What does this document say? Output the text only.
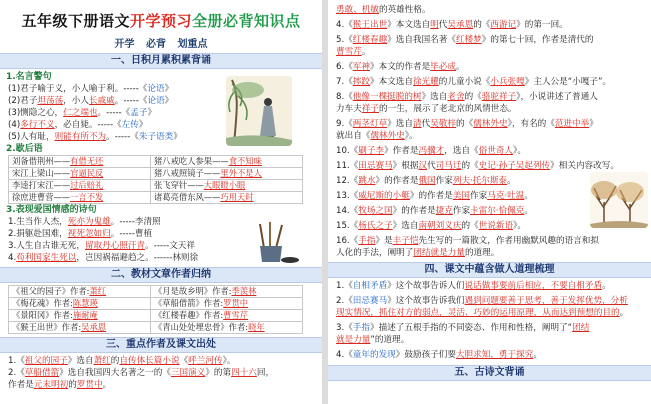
五年级下册语文开学预习全册必背知识点
开学 必背 划重点
一、日积月累积累背诵
1.名言警句
(1)君子喻于义，小人喻于利。-----《论语》
(2)君子坦荡荡，小人长戚戚。-----《论语》
(3)恻隐之心，仁之端也。-----《孟子》
(4)多行不义，必自毙。-----《左传》
(5)人有耻，则能有所不为。-----《朱子语类》
2.歇后语
刘备借荆州——有借无还	猪八戒吃人参果——食不知味
宋江上梁山——官逼民反	猪八戒照镜子——里外不是人
李逵打宋江——过后赔礼	张飞穿针——大眼瞪小眼
徐庶进曹营——一言不发	诸葛亮借东风——巧用天时
3.表现爱国情感的诗句
1.生当作人杰，死亦为鬼雄。-----李清照
2.捐躯赴国难，视死忽如归。-----曹植
3.人生自古谁无死，留取丹心照汗青。-----文天祥
4.苟利国家生死以，岂因祸福避趋之。------林则徐
二、教材文章作者归纳
《祖父的园子》作者:萧红	《月是故乡明》作者:季羡林
《梅花魂》作者:陈慧瑛	《草船借箭》作者:罗贯中
《景阳冈》作者:施耐庵	《红楼春趣》作者:曹雪芹
《猴王出世》作者:吴承恩	《青山处处埋忠骨》作者:晓年
三、重点作者及课文出处
1.《祖父的园子》选自萧红的自传体长篇小说《呼兰河传》。
2.《草船借箭》选自我国四大名著之一的《三国演义》的第四十六回，
作者是元末明初的罗贯中。
勇敢、机敏的英雄性格。
4.《猴王出世》本文选自明代吴承恩的《西游记》的第一回。
5.《红楼春趣》选自我国名著《红楼梦》的第七十回，作者是清代的
曹雪芹。
6.《军神》本文的作者是毕必成。
7.《摔跤》本文选自徐光耀的儿童小说《小兵张嘎》主人公是“小嘎子”。
8.《他像一棵挺脱的树》选自老舍的《骆驼祥子》，小说讲述了普通人
力车夫祥子的一生，展示了老北京的风情世态。
9.《两茎灯草》选自清代吴敬梓的《儒林外史》，有名的《范进中举》
就出自《儒林外史》。
10.《刷子李》作者是冯骥才，选自《俗世奇人》。
11.《田忌赛马》根据汉代司马迁的《史记·孙子吴起列传》相关内容改写。
12.《跳水》的作者是俄国作家列夫·托尔斯泰。
13.《威尼斯的小艇》的作者是美国作家马克·吐温。
14.《牧场之国》的作者是捷克作家卡雷尔·恰佩克。
15.《杨氏之子》选自南朝刘义庆的《世说新语》。
16.《手指》是丰子恺先生写的一篇散文，作者用幽默风趣的语言和拟
人化的手法，阐明了团结就是力量的道理。
四、课文中蕴含做人道理梳理
1.《自相矛盾》这个故事告诉人们说话做事要前后相应，不要自相矛盾。
2.《田忌赛马》这个故事告诉我们遇到问题要善于思考，善于发挥优势，分析
现实情况，抓住对方的弱点，灵活、巧妙的运用原理，从而达到预想的目的。
3.《手指》描述了五根手指的不同姿态、作用和性格，阐明了“团结
就是力量”的道理。
4.《童年的发现》鼓励孩子们要大胆求知，勇于探究。
五、古诗文背诵
